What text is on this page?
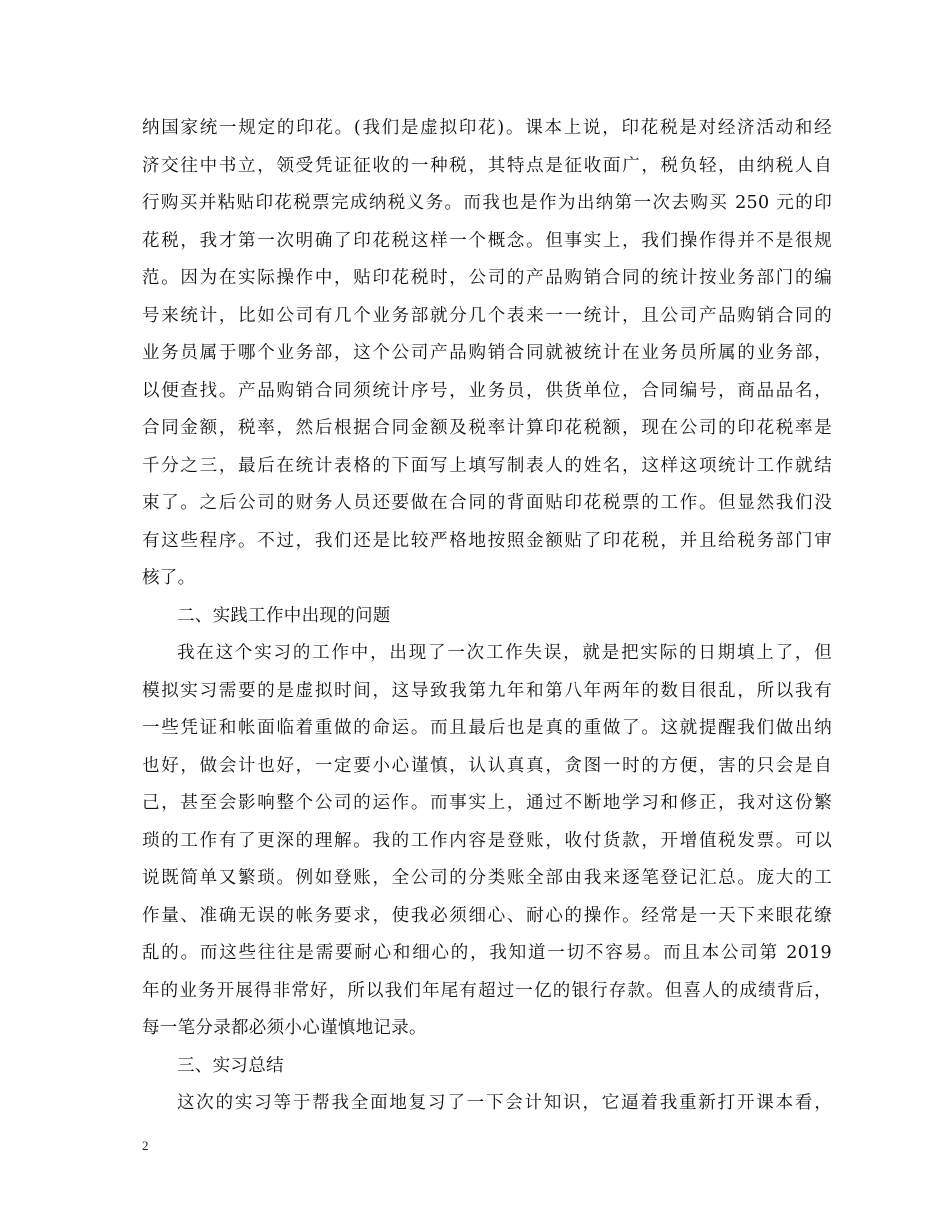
纳国家统一规定的印花。(我们是虚拟印花)。课本上说，印花税是对经济活动和经
济交往中书立，领受凭证征收的一种税，其特点是征收面广，税负轻，由纳税人自
行购买并粘贴印花税票完成纳税义务。而我也是作为出纳第一次去购买 250 元的印
花税，我才第一次明确了印花税这样一个概念。但事实上，我们操作得并不是很规
范。因为在实际操作中，贴印花税时，公司的产品购销合同的统计按业务部门的编
号来统计，比如公司有几个业务部就分几个表来一一统计，且公司产品购销合同的
业务员属于哪个业务部，这个公司产品购销合同就被统计在业务员所属的业务部，
以便查找。产品购销合同须统计序号，业务员，供货单位，合同编号，商品品名，
合同金额，税率，然后根据合同金额及税率计算印花税额，现在公司的印花税率是
千分之三，最后在统计表格的下面写上填写制表人的姓名，这样这项统计工作就结
束了。之后公司的财务人员还要做在合同的背面贴印花税票的工作。但显然我们没
有这些程序。不过，我们还是比较严格地按照金额贴了印花税，并且给税务部门审
核了。
二、实践工作中出现的问题
我在这个实习的工作中，出现了一次工作失误，就是把实际的日期填上了，但
模拟实习需要的是虚拟时间，这导致我第九年和第八年两年的数目很乱，所以我有
一些凭证和帐面临着重做的命运。而且最后也是真的重做了。这就提醒我们做出纳
也好，做会计也好，一定要小心谨慎，认认真真，贪图一时的方便，害的只会是自
己，甚至会影响整个公司的运作。而事实上，通过不断地学习和修正，我对这份繁
琐的工作有了更深的理解。我的工作内容是登账，收付货款，开增值税发票。可以
说既简单又繁琐。例如登账，全公司的分类账全部由我来逐笔登记汇总。庞大的工
作量、准确无误的帐务要求，使我必须细心、耐心的操作。经常是一天下来眼花缭
乱的。而这些往往是需要耐心和细心的，我知道一切不容易。而且本公司第 2019
年的业务开展得非常好，所以我们年尾有超过一亿的银行存款。但喜人的成绩背后，
每一笔分录都必须小心谨慎地记录。
三、实习总结
这次的实习等于帮我全面地复习了一下会计知识，它逼着我重新打开课本看，
2
